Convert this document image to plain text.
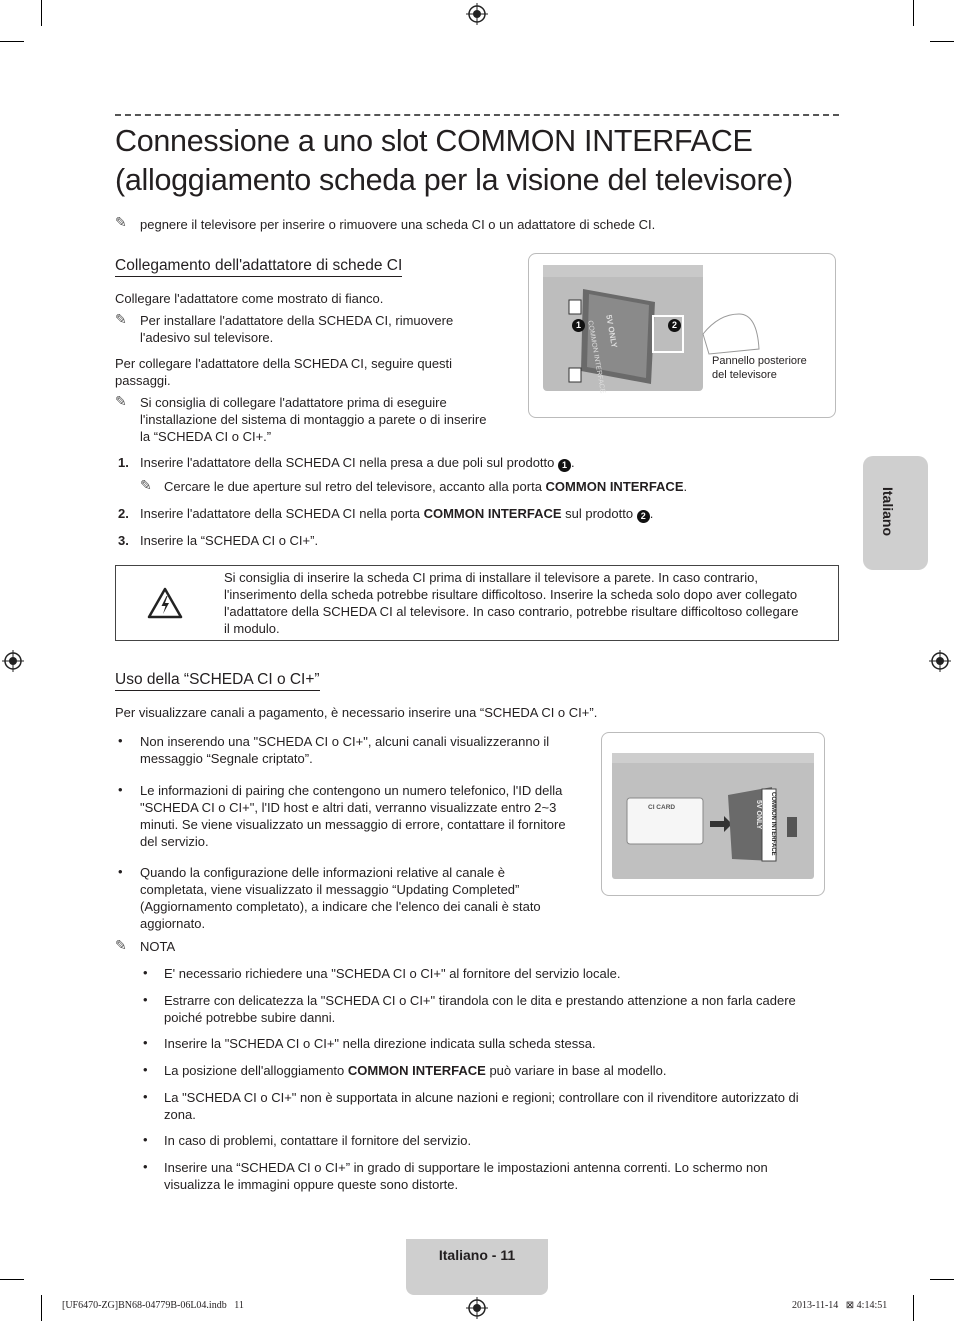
Connessione a uno slot COMMON INTERFACE
(alloggiamento scheda per la visione del televisore)
✎ pegnere il televisore per inserire o rimuovere una scheda CI o un adattatore di schede CI.
Collegamento dell'adattatore di schede CI
Collegare l'adattatore come mostrato di fianco.
✎ Per installare l'adattatore della SCHEDA CI, rimuovere
l'adesivo sul televisore.
Per collegare l'adattatore della SCHEDA CI, seguire questi
passaggi.
✎ Si consiglia di collegare l'adattatore prima di eseguire
l'installazione del sistema di montaggio a parete o di inserire
la “SCHEDA CI o CI+.”
1	2
COMMON INTERFACE
5V ONLY
Pannello posteriore
del televisore
1. Inserire l'adattatore della SCHEDA CI nella presa a due poli sul prodotto 1 .
✎ Cercare le due aperture sul retro del televisore, accanto alla porta COMMON INTERFACE.
2. Inserire l'adattatore della SCHEDA CI nella porta COMMON INTERFACE sul prodotto 2 .
3. Inserire la “SCHEDA CI o CI+”.
Si consiglia di inserire la scheda CI prima di installare il televisore a parete. In caso contrario,
l'inserimento della scheda potrebbe risultare difficoltoso. Inserire la scheda solo dopo aver collegato
l'adattatore della SCHEDA CI al televisore. In caso contrario, potrebbe risultare difficoltoso collegare
il modulo.
Uso della “SCHEDA CI o CI+”
Per visualizzare canali a pagamento, è necessario inserire una “SCHEDA CI o CI+”.
• Non inserendo una "SCHEDA CI o CI+", alcuni canali visualizzeranno il
messaggio “Segnale criptato”.
• Le informazioni di pairing che contengono un numero telefonico, l'ID della
"SCHEDA CI o CI+", l'ID host e altri dati, verranno visualizzate entro 2~3
minuti. Se viene visualizzato un messaggio di errore, contattare il fornitore
del servizio.
• Quando la configurazione delle informazioni relative al canale è
completata, viene visualizzato il messaggio “Updating Completed”
(Aggiornamento completato), a indicare che l'elenco dei canali è stato
aggiornato.
CI CARD	COMMON INTERFACE
5V ONLY
✎ NOTA
• E' necessario richiedere una "SCHEDA CI o CI+" al fornitore del servizio locale.
• Estrarre con delicatezza la "SCHEDA CI o CI+" tirandola con le dita e prestando attenzione a non farla cadere
poiché potrebbe subire danni.
• Inserire la "SCHEDA CI o CI+" nella direzione indicata sulla scheda stessa.
• La posizione dell'alloggiamento COMMON INTERFACE può variare in base al modello.
• La "SCHEDA CI o CI+" non è supportata in alcune nazioni e regioni; controllare con il rivenditore autorizzato di
zona.
• In caso di problemi, contattare il fornitore del servizio.
• Inserire una “SCHEDA CI o CI+” in grado di supportare le impostazioni antenna correnti. Lo schermo non
visualizza le immagini oppure queste sono distorte.
Italiano
Italiano - 11
[UF6470-ZG]BN68-04779B-06L04.indb   11	2013-11-14   ⊠ 4:14:51
